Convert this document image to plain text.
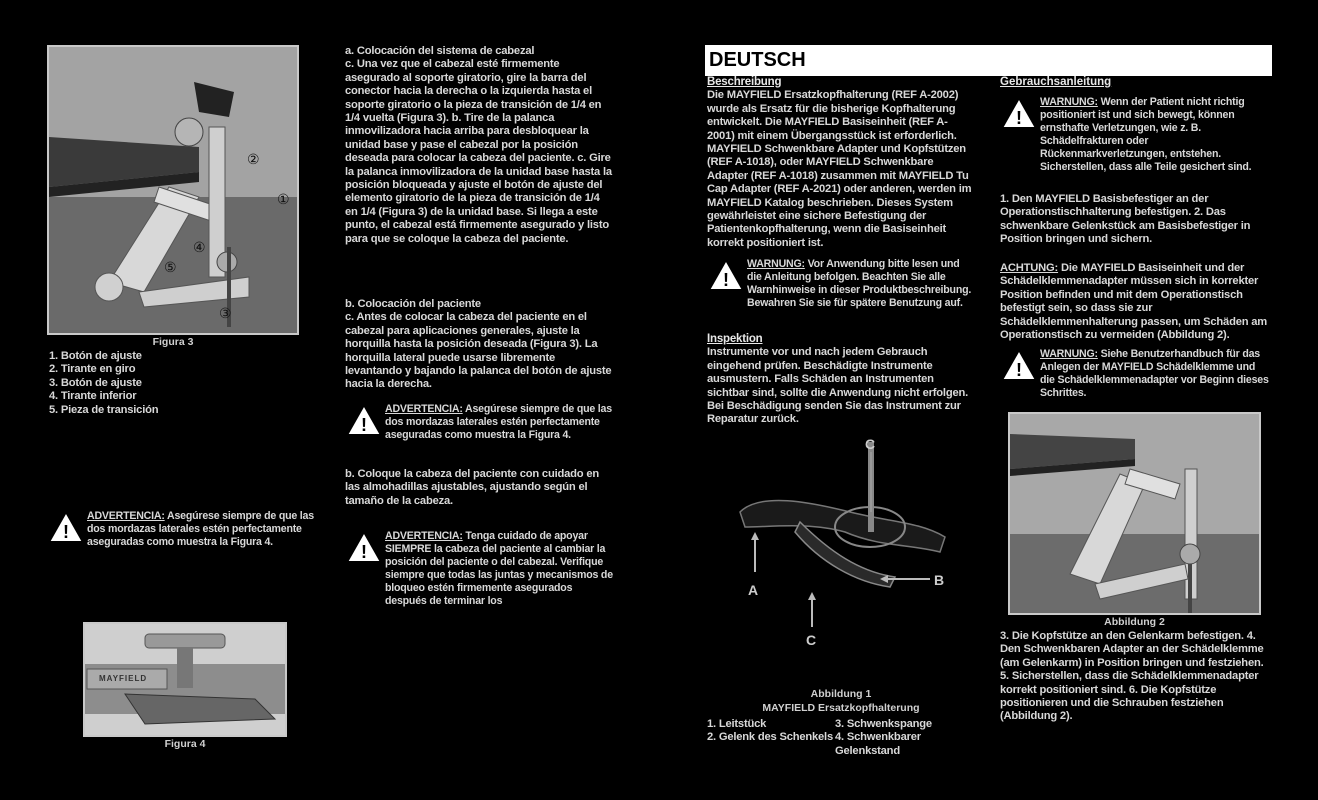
②
①
④
⑤
③
Figura 3
1. Botón de ajuste
2. Tirante en giro
3. Botón de ajuste
4. Tirante inferior
5. Pieza de transición
!
ADVERTENCIA: Asegúrese siempre de que las dos mordazas laterales estén perfectamente aseguradas como muestra la Figura 4.
MAYFIELD
Figura 4
a. Colocación del sistema de cabezal
c. Una vez que el cabezal esté firmemente asegurado al soporte giratorio, gire la barra del conector hacia la derecha o la izquierda hasta el soporte giratorio o la pieza de transición de 1/4 en 1/4 vuelta (Figura 3). b. Tire de la palanca inmovilizadora hacia arriba para desbloquear la unidad base y pase el cabezal por la posición deseada para colocar la cabeza del paciente. c. Gire la palanca inmovilizadora de la unidad base hasta la posición bloqueada y ajuste el botón de ajuste del elemento giratorio de la pieza de transición de 1/4 en 1/4 (Figura 3) de la unidad base. Si llega a este punto, el cabezal está firmemente asegurado y listo para que se coloque la cabeza del paciente.
b. Colocación del paciente
c. Antes de colocar la cabeza del paciente en el cabezal para aplicaciones generales, ajuste la horquilla hasta la posición deseada (Figura 3). La horquilla lateral puede usarse libremente levantando y bajando la palanca del botón de ajuste hacia la derecha.
!
ADVERTENCIA: Asegúrese siempre de que las dos mordazas laterales estén perfectamente aseguradas como muestra la Figura 4.
b. Coloque la cabeza del paciente con cuidado en las almohadillas ajustables, ajustando según el tamaño de la cabeza.
!
ADVERTENCIA: Tenga cuidado de apoyar SIEMPRE la cabeza del paciente al cambiar la posición del paciente o del cabezal. Verifique siempre que todas las juntas y mecanismos de bloqueo estén firmemente asegurados después de terminar los
DEUTSCH
Beschreibung
Die MAYFIELD Ersatzkopfhalterung (REF A-2002) wurde als Ersatz für die bisherige Kopfhalterung entwickelt. Die MAYFIELD Basiseinheit (REF A-2001) mit einem Übergangsstück ist erforderlich. MAYFIELD Schwenkbare Adapter und Kopfstützen (REF A-1018), oder MAYFIELD Schwenkbare Adapter (REF A-1018) zusammen mit MAYFIELD Tu Cap Adapter (REF A-2021) oder anderen, werden im MAYFIELD Katalog beschrieben. Dieses System gewährleistet eine sichere Befestigung der Patientenkopfhalterung, wenn die Basiseinheit korrekt positioniert ist.
!
WARNUNG: Vor Anwendung bitte lesen und die Anleitung befolgen. Beachten Sie alle Warnhinweise in dieser Produktbeschreibung. Bewahren Sie sie für spätere Benutzung auf.
Inspektion
Instrumente vor und nach jedem Gebrauch eingehend prüfen. Beschädigte Instrumente ausmustern. Falls Schäden an Instrumenten sichtbar sind, sollte die Anwendung nicht erfolgen. Bei Beschädigung senden Sie das Instrument zur Reparatur zurück.
C
A
B
C
Abbildung 1
MAYFIELD Ersatzkopfhalterung
1. Leitstück	3. Schwenkspange
2. Gelenk des Schenkels 4. Schwenkbarer Gelenkstand
Gebrauchsanleitung
!
WARNUNG: Wenn der Patient nicht richtig positioniert ist und sich bewegt, können ernsthafte Verletzungen, wie z. B. Schädelfrakturen oder Rückenmarkverletzungen, entstehen. Sicherstellen, dass alle Teile gesichert sind.
1. Den MAYFIELD Basisbefestiger an der Operationstischhalterung befestigen. 2. Das schwenkbare Gelenkstück am Basisbefestiger in Position bringen und sichern.
ACHTUNG: Die MAYFIELD Basiseinheit und der Schädelklemmenadapter müssen sich in korrekter Position befinden und mit dem Operationstisch befestigt sein, so dass sie zur Schädelklemmenhalterung passen, um Schäden am Operationstisch zu vermeiden (Abbildung 2).
!
WARNUNG: Siehe Benutzerhandbuch für das Anlegen der MAYFIELD Schädelklemme und die Schädelklemmenadapter vor Beginn dieses Schrittes.
Abbildung 2
3. Die Kopfstütze an den Gelenkarm befestigen. 4. Den Schwenkbaren Adapter an der Schädelklemme (am Gelenkarm) in Position bringen und festziehen. 5. Sicherstellen, dass die Schädelklemmenadapter korrekt positioniert sind. 6. Die Kopfstütze positionieren und die Schrauben festziehen (Abbildung 2).
